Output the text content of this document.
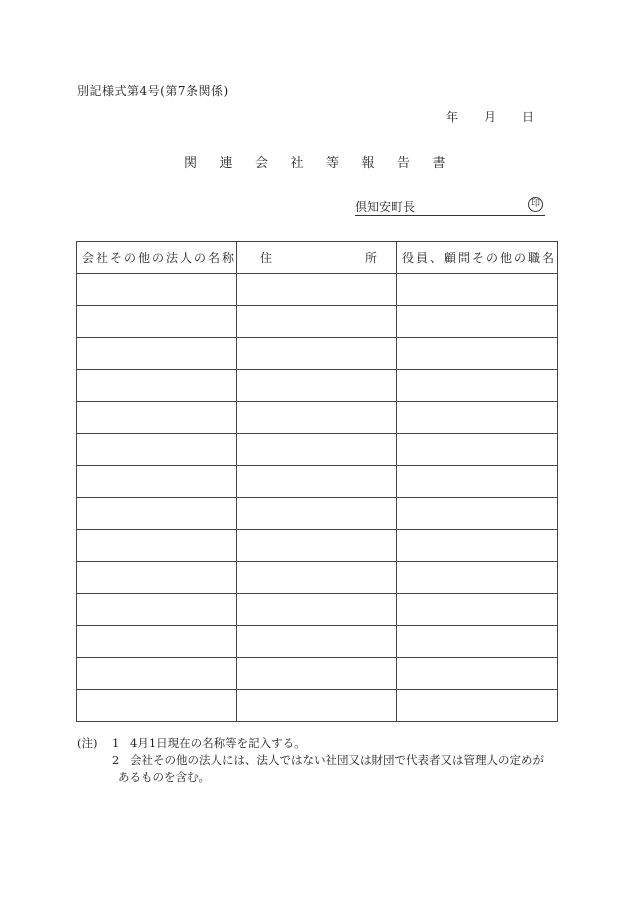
別記様式第4号(第7条関係)
年	月	日
関	連	会	社	等	報	告	書
倶知安町長	印
会社その他の法人の名称	住 所	役員、顧問その他の職名

(注)	1 4月1日現在の名称等を記入する。
2 会社その他の法人には、法人ではない社団又は財団で代表者又は管理人の定めが
あるものを含む。
